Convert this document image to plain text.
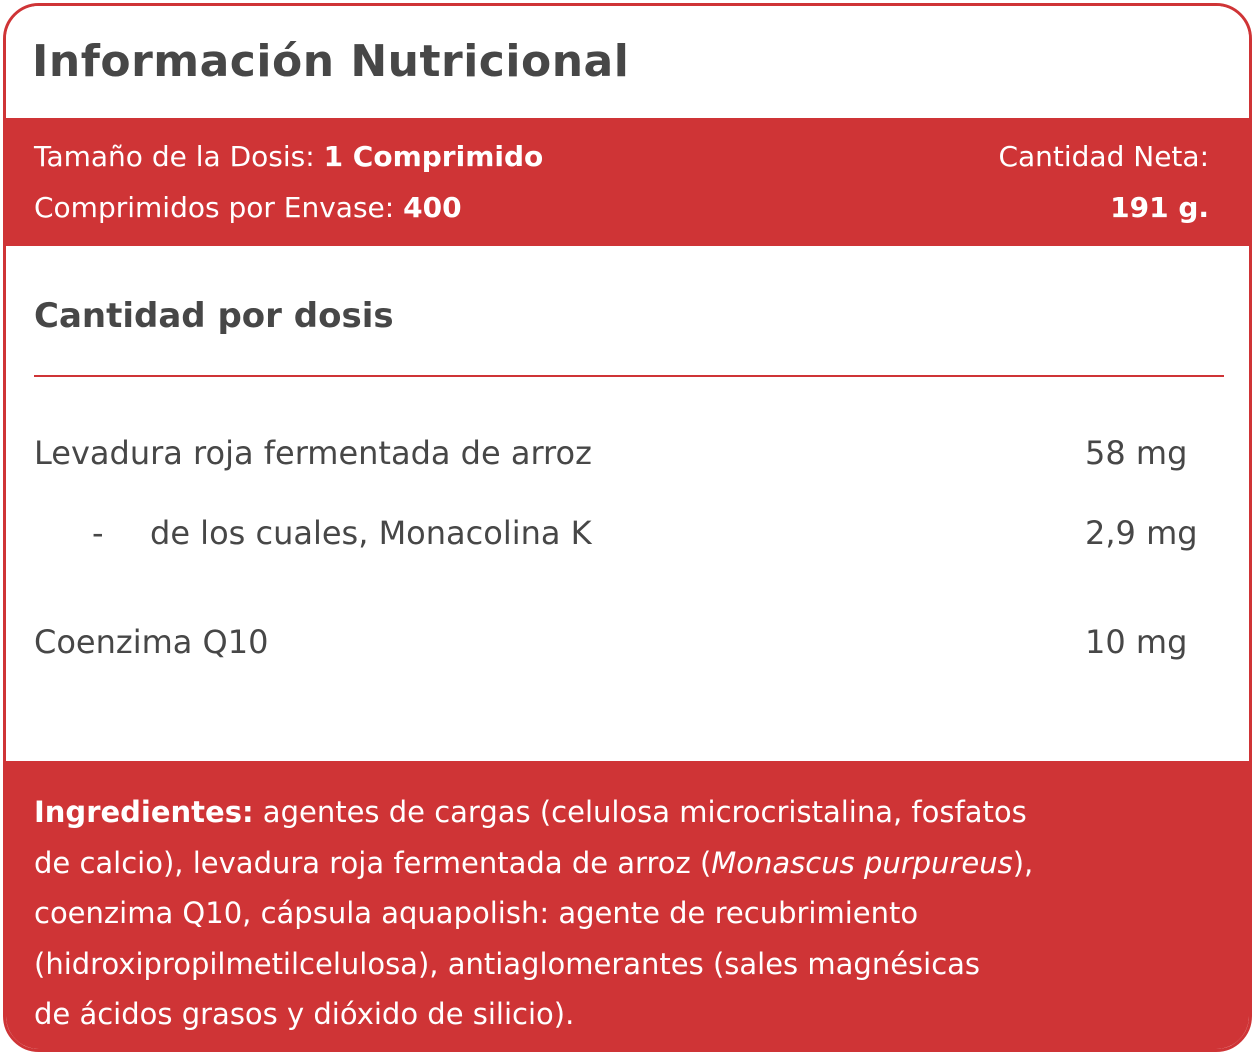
Información Nutricional
Tamaño de la Dosis: 1 Comprimido
Comprimidos por Envase: 400
Cantidad Neta:
191 g.
Cantidad por dosis
Levadura roja fermentada de arroz	58 mg
- de los cuales, Monacolina K	2,9 mg
Coenzima Q10	10 mg
Ingredientes: agentes de cargas (celulosa microcristalina, fosfatos
de calcio), levadura roja fermentada de arroz (Monascus purpureus),
coenzima Q10, cápsula aquapolish: agente de recubrimiento
(hidroxipropilmetilcelulosa), antiaglomerantes (sales magnésicas
de ácidos grasos y dióxido de silicio).
